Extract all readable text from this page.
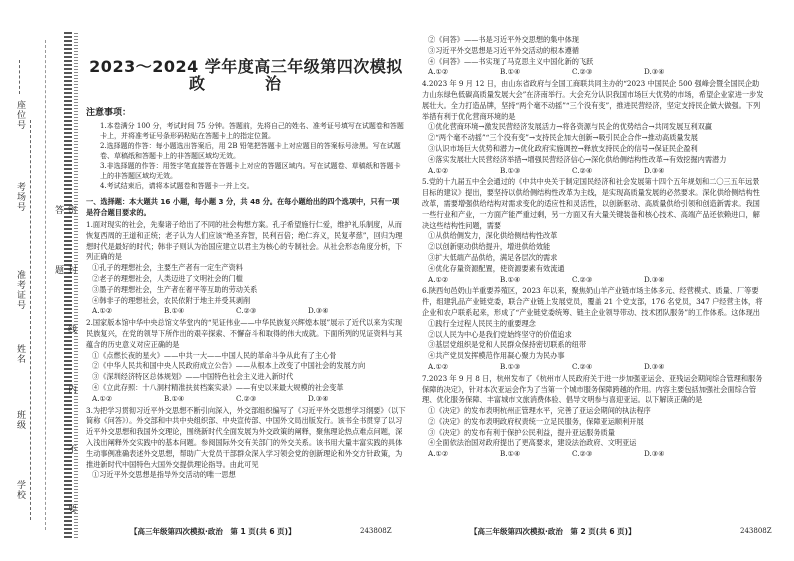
座位号
考场号
准考证号
姓名
班级
学校	密 封 线 内 不 要 答 题
2023～2024 学年度高三年级第四次模拟
政　治
注意事项：

1.本卷满分 100 分，考试时间 75 分钟。答题前，先将自己的姓名、准考证号填写在试题卷和答题卡上，并将准考证号条形码粘贴在答题卡上的指定位置。

2.选择题的作答：每小题选出答案后，用 2B 铅笔把答题卡上对应题目的答案标号涂黑。写在试题卷、草稿纸和答题卡上的非答题区域均无效。

3.非选择题的作答：用签字笔直接答在答题卡上对应的答题区域内。写在试题卷、草稿纸和答题卡上的非答题区域均无效。

4.考试结束后，请将本试题卷和答题卡一并上交。

一、选择题：本大题共 16 小题，每小题 3 分，共 48 分。在每小题给出的四个选项中，只有一项是符合题目要求的。

1.面对现实的社会，先秦诸子给出了不同的社会构想方案。孔子希望施行仁爱，维护礼乐制度，从而恢复西周的王道和正统；老子认为人们应该“绝圣弃智，民利百倍；绝仁弃义，民复孝慈”，回归为理想时代是最好的时代；韩非子则认为治国应建立以君主为核心的专制社会。从社会形态角度分析，下列正确的是

①孔子的理想社会，主要生产者有一定生产资料

②老子的理想社会，人类迈进了文明社会的门槛

③墨子的理想社会，生产者在奢平等互助的劳动关系

④韩非子的理想社会，农民依附于地主并受其剥削

A.①②	B.①④	C.②③	D.③④

2.国家版本馆中华中央总馆文华堂内的“见证伟业——中华民族复兴辉煌本展”展示了近代以来为实现民族复兴，在党的领导下所作出的艰辛探索、不懈奋斗和取得的伟大成就。下面所列的见证资料与其蕴含的历史意义对应正确的是

①《点燃长夜的星火》——中共一大——中国人民的革命斗争从此有了主心骨

②《中华人民共和国中央人民政府成立公告》——从根本上改变了中国社会的发展方向

③《深圳经济特区总体规划》——中国特色社会主义进入新时代

④《立此存照：十八洞村精准扶贫档案实录》——有史以来最大规模的社会变革

A.①②	B.①④	C.②③	D.③④

3.为把学习贯彻习近平外交思想不断引向深入，外交部组织编写了《习近平外交思想学习纲要》（以下简称《问答》）。外交部和中共中央组织部、中央宣传部、中国外文局出版发行。该书全书贯穿了以习近平外交思想和我国外交理论，围绕新时代全面发展为外交政策的阐释，聚焦理论热点难点问题，深入浅出阐释外交实践中的基本问题。参阅国际外交有关部门的外交关系。该书用大量丰富实践的具体生动事例准确表述外交思想，帮助广大党员干部群众深入学习领会党的创新理论和外交方针政策，为推进新时代中国特色大国外交提供理论指导。由此可见

①习近平外交思想是指导外交活动的唯一思想

②《问答》——书是习近平外交思想的集中体现

③习近平外交思想是习近平外交活动的根本遵循

④《问答》——书实现了马克思主义中国化新的飞跃

A.①②	B.①④	C.②③	D.③④

4.2023 年 9 月 12 日，由山东省政府与全国工商联共同主办的“2023 中国民企 500 强峰会暨全国民企助力山东绿色低碳高质量发展大会”在济南举行。大会充分认识我国市场巨大优势的市场，希望企业家进一步发展壮大。全力打造品牌，坚持“两个毫不动摇”“三个没有变”，推进民营经济，坚定支持民企做大做强。下列举措有利于优化营商环境的是

①优化营商环境→激发民营经济发展活力→将各资源与民企的优势结合→共同发展互利双赢

②“两个毫不动摇”“三个没有变”→支持民企加大创新→吸引民企合作→推动高质量发展

③认识市场巨大优势和潜力→优化政府实施调控→释放支持民企的信号→保证民企盈利

④落实发展壮大民营经济举措→增强民营经济信心→深化供给侧结构性改革→有效挖掘内需潜力

A.①②	B.①③	C.②④	D.③④

5.党的十九届五中全会通过的《中共中央关于制定国民经济和社会发展第十四个五年规划和二〇三五年远景目标的建议》提出，要坚持以供给侧结构性改革为主线，是实现高质量发展的必然要求。深化供给侧结构性改革，需要增强供给结构对需求变化的适应性和灵活性，以创新驱动、高质量供给引领和创造新需求。我国一些行业和产业，一方面产能严重过剩，另一方面又有大量关键装备和核心技术、高端产品还依赖进口，解决这些结构性问题，需要

①从供给侧发力，深化供给侧结构性改革

②以创新驱动供给提升，增进供给效能

③扩大低端产品供给，满足各层次的需求

④优化存量资源配置，使资源要素有效流通

A.①②	B.①④	C.②③	D.③④

6.陕西旬邑奶山羊重要养殖区，2023 年以来，聚焦奶山羊产业链市场主体多元、经营模式、质量、厂等要件，组建乳品产业链党委，联合产业链上发展党员，覆盖 21 个党支部，176 名党员，347 户经营主体，将企业和农户联系起来，形成了“产业链党委统筹、链主企业领导带动、技术团队服务”的工作体系。这体现出

①践行全过程人民民主的重要理念

②以人民为中心是我们党始终坚守的价值追求

③基层党组织是党和人民群众保持密切联系的纽带

④共产党员发挥模范作用凝心聚力为民办事

A.①②	B.①③	C.②④	D.③④

7.2023 年 9 月 8 日，杭州发布了《杭州市人民政府关于进一步加强亚运会、亚残运会期间综合管理和服务保障的决定》，针对本次亚运会作为了当第一个城市服务保障跨越的作用。内容主要包括加强社会面综合管理、优化服务保障、丰富城市文旅消费体验、倡导文明参与喜迎亚运。以下解读正确的是

①《决定》的发布表明杭州正管理水平，完善了亚运会期间的执法程序

②《决定》的发布表明政府权责统一立足民服务，保障亚运顺利开展

③《决定》的发布有利于保护公民利益，提升亚运服务质量

④全面依法治国对政府提出了更高要求，建设法治政府、文明亚运

A.①②	B.①④	C.②③	D.③④

【高三年级第四次模拟·政治　第 1 页(共 6 页)】	243808Z	【高三年级第四次模拟·政治　第 2 页(共 6 页)】	243808Z
